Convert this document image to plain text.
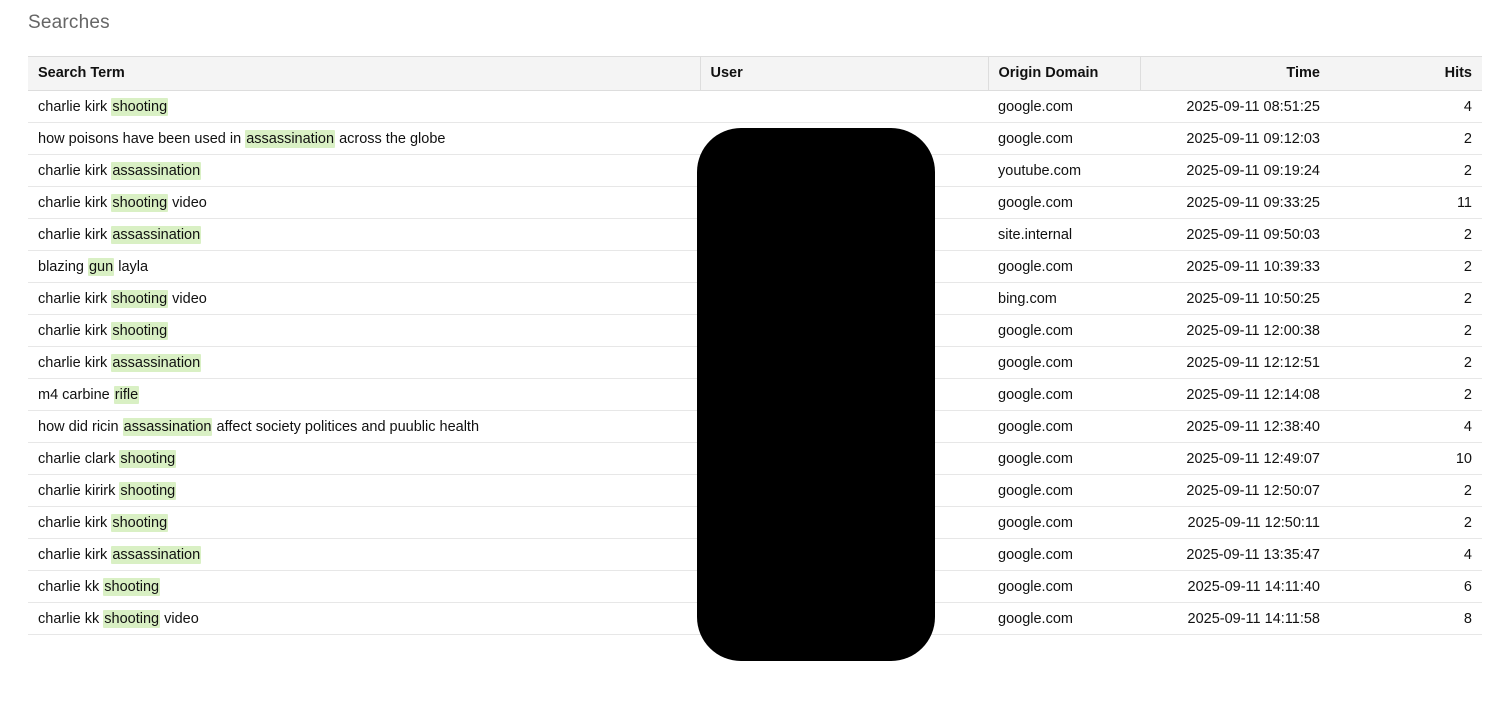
Searches
Search Term	User	Origin Domain	Time	Hits
charlie kirk shooting		google.com	2025-09-11 08:51:25	4
how poisons have been used in assassination across the globe		google.com	2025-09-11 09:12:03	2
charlie kirk assassination		youtube.com	2025-09-11 09:19:24	2
charlie kirk shooting video		google.com	2025-09-11 09:33:25	11
charlie kirk assassination		site.internal	2025-09-11 09:50:03	2
blazing gun layla		google.com	2025-09-11 10:39:33	2
charlie kirk shooting video		bing.com	2025-09-11 10:50:25	2
charlie kirk shooting		google.com	2025-09-11 12:00:38	2
charlie kirk assassination		google.com	2025-09-11 12:12:51	2
m4 carbine rifle		google.com	2025-09-11 12:14:08	2
how did ricin assassination affect society politices and puublic health		google.com	2025-09-11 12:38:40	4
charlie clark shooting		google.com	2025-09-11 12:49:07	10
charlie kirirk shooting		google.com	2025-09-11 12:50:07	2
charlie kirk shooting		google.com	2025-09-11 12:50:11	2
charlie kirk assassination		google.com	2025-09-11 13:35:47	4
charlie kk shooting		google.com	2025-09-11 14:11:40	6
charlie kk shooting video		google.com	2025-09-11 14:11:58	8
